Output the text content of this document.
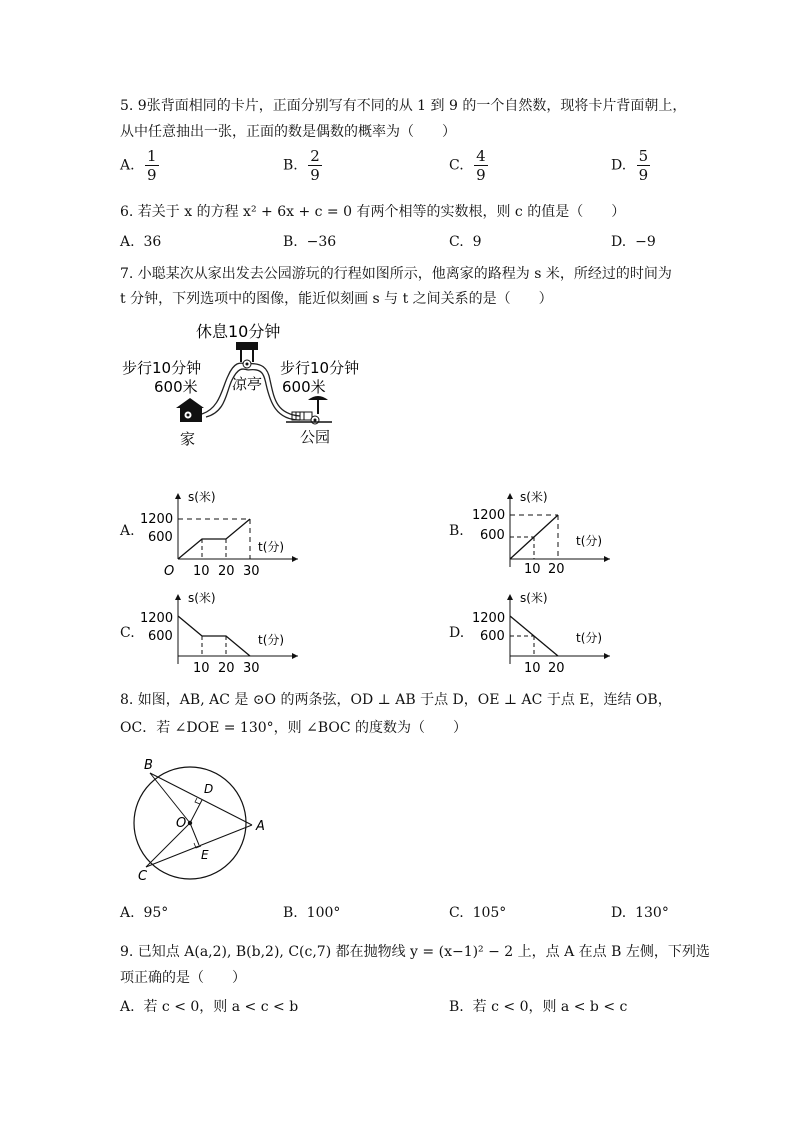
5. 9张背面相同的卡片，正面分别写有不同的从 1 到 9 的一个自然数，现将卡片背面朝上，
从中任意抽出一张，正面的数是偶数的概率为（　　）
A. $\frac{1}{9}$	B. $\frac{2}{9}$	C. $\frac{4}{9}$	D. $\frac{5}{9}$
6. 若关于 x 的方程 x² + 6x + c = 0 有两个相等的实数根，则 c 的值是（　　）
A. 36	B. −36	C. 9	D. −9
7. 小聪某次从家出发去公园游玩的行程如图所示，他离家的路程为 s 米，所经过的时间为
t 分钟，下列选项中的图像，能近似刻画 s 与 t 之间关系的是（　　）
休息10分钟
步行10分钟
600米 凉亭
步行10分钟
600米
家	公园
A.	B.
C.	D.
s(米)
t(分)
1200
600
O 10 20 30
s(米)
t(分)
1200
600
10 20
s(米)
t(分)
1200
600
10 20 30
s(米)
t(分)
1200
600
10 20
8. 如图，AB, AC 是 ⊙O 的两条弦，OD ⊥ AB 于点 D，OE ⊥ AC 于点 E，连结 OB，
OC．若 ∠DOE = 130°，则 ∠BOC 的度数为（　　）
B
D
O	A
E
C
A. 95°	B. 100°	C. 105°	D. 130°
9. 已知点 A(a,2), B(b,2), C(c,7) 都在抛物线 y = (x−1)² − 2 上，点 A 在点 B 左侧，下列选
项正确的是（　　）
A. 若 c < 0，则 a < c < b	B. 若 c < 0，则 a < b < c
